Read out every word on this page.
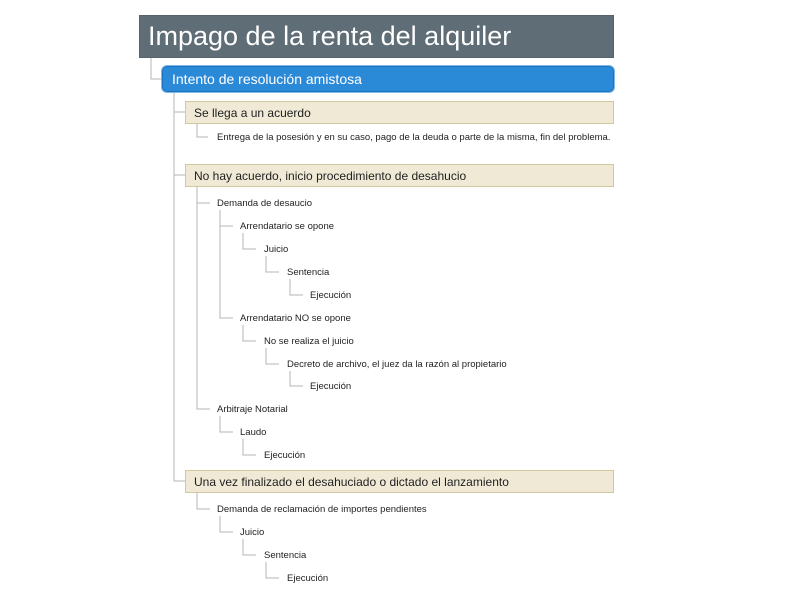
Impago de la renta del alquiler
Intento de resolución amistosa
Se llega a un acuerdo
No hay acuerdo, inicio procedimiento de desahucio
Una vez finalizado el desahuciado o dictado el lanzamiento
Entrega de la posesión y en su caso, pago de la deuda o parte de la misma, fin del problema.
Demanda de desaucio
Arrendatario se opone
Juicio
Sentencia
Ejecución
Arrendatario NO se opone
No se realiza el juicio
Decreto de archivo, el juez da la razón al propietario
Ejecución
Arbitraje Notarial
Laudo
Ejecución
Demanda de reclamación de importes pendientes
Juicio
Sentencia
Ejecución
